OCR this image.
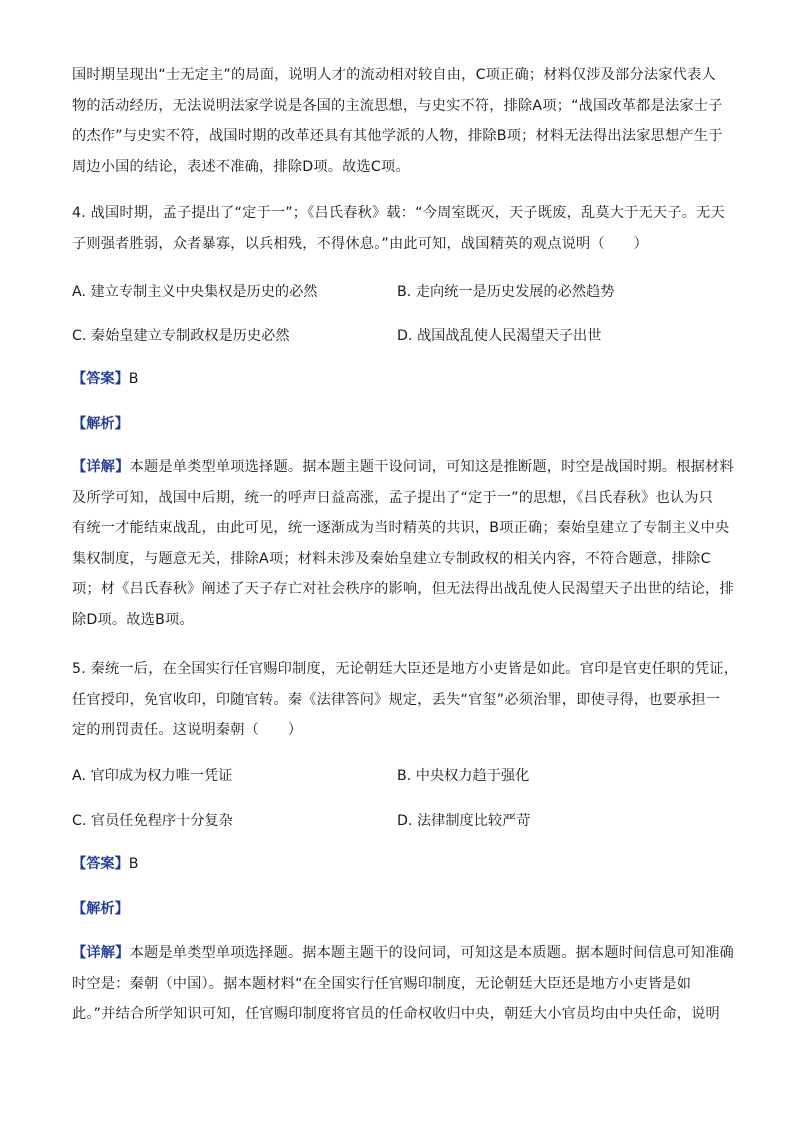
国时期呈现出“士无定主”的局面，说明人才的流动相对较自由，C项正确；材料仅涉及部分法家代表人
物的活动经历，无法说明法家学说是各国的主流思想，与史实不符，排除A项；“战国改革都是法家士子
的杰作”与史实不符，战国时期的改革还具有其他学派的人物，排除B项；材料无法得出法家思想产生于
周边小国的结论，表述不准确，排除D项。故选C项。

4. 战国时期，孟子提出了“定于一”；《吕氏春秋》载：“今周室既灭，天子既废，乱莫大于无天子。无天
子则强者胜弱，众者暴寡，以兵相残，不得休息。”由此可知，战国精英的观点说明（　　）

A. 建立专制主义中央集权是历史的必然	B. 走向统一是历史发展的必然趋势
C. 秦始皇建立专制政权是历史必然	D. 战国战乱使人民渴望天子出世
【答案】B
【解析】

【详解】本题是单类型单项选择题。据本题主题干设问词，可知这是推断题，时空是战国时期。根据材料
及所学可知，战国中后期，统一的呼声日益高涨，孟子提出了“定于一”的思想，《吕氏春秋》也认为只
有统一才能结束战乱，由此可见，统一逐渐成为当时精英的共识，B项正确；秦始皇建立了专制主义中央
集权制度，与题意无关，排除A项；材料未涉及秦始皇建立专制政权的相关内容，不符合题意，排除C
项；材《吕氏春秋》阐述了天子存亡对社会秩序的影响，但无法得出战乱使人民渴望天子出世的结论，排
除D项。故选B项。

5. 秦统一后，在全国实行任官赐印制度，无论朝廷大臣还是地方小吏皆是如此。官印是官吏任职的凭证，
任官授印，免官收印，印随官转。秦《法律答问》规定，丢失“官玺”必须治罪，即使寻得，也要承担一
定的刑罚责任。这说明秦朝（　　）

A. 官印成为权力唯一凭证	B. 中央权力趋于强化
C. 官员任免程序十分复杂	D. 法律制度比较严苛
【答案】B
【解析】

【详解】本题是单类型单项选择题。据本题主题干的设问词，可知这是本质题。据本题时间信息可知准确
时空是：秦朝（中国）。据本题材料“在全国实行任官赐印制度，无论朝廷大臣还是地方小吏皆是如
此。”并结合所学知识可知，任官赐印制度将官员的任命权收归中央，朝廷大小官员均由中央任命，说明
